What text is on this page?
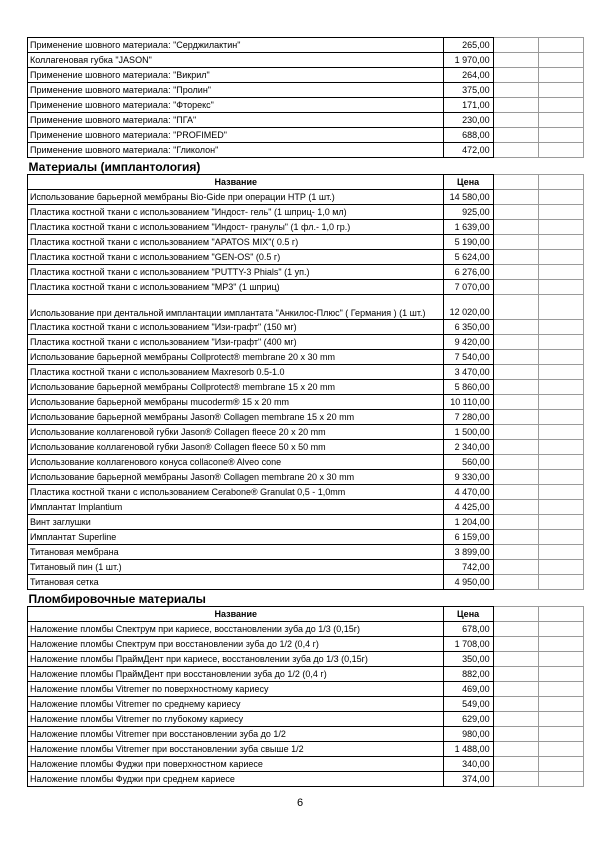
Применение шовного материала: "Серджилактин"	265,00		
Коллагеновая губка "JASON"	1 970,00		
Применение шовного материала: "Викрил"	264,00		
Применение шовного материала: "Пролин"	375,00		
Применение шовного материала: "Фторекс"	171,00		
Применение шовного материала: "ПГА"	230,00		
Применение шовного материала: "PROFIMED"	688,00		
Применение шовного материала: "Гликолон"	472,00		
Материалы (имплантология)			
Название	Цена		
Использование барьерной мембраны Bio-Gide при операции НТР (1 шт.)	14 580,00		
Пластика костной ткани с использованием "Индост- гель" (1 шприц- 1,0 мл)	925,00		
Пластика костной ткани с использованием "Индост- гранулы" (1 фл.- 1,0 гр.)	1 639,00		
Пластика костной ткани с использованием "APATOS MIX"( 0.5 г)	5 190,00		
Пластика костной ткани с использованием "GEN-OS" (0.5 г)	5 624,00		
Пластика костной ткани с использованием "PUTTY-3 Phials" (1 уп.)	6 276,00		
Пластика костной ткани с использованием "MP3" (1 шприц)	7 070,00		
Использование при дентальной имплантации имплантата "Анкилос-Плюс" ( Германия ) (1 шт.)	12 020,00		
Пластика костной ткани с использованием "Изи-графт" (150 мг)	6 350,00		
Пластика костной ткани с использованием "Изи-графт" (400 мг)	9 420,00		
Использование барьерной мембраны Collprotect® membrane 20 x 30 mm	7 540,00		
Пластика костной ткани с использованием Maxresorb 0.5-1.0	3 470,00		
Использование барьерной мембраны Collprotect® membrane 15 x 20 mm	5 860,00		
Использование барьерной мембраны mucoderm® 15 x 20 mm	10 110,00		
Использование барьерной мембраны Jason® Collagen membrane 15 x 20 mm	7 280,00		
Использование коллагеновой губки Jason® Collagen fleece 20 x 20 mm	1 500,00		
Использование коллагеновой губки Jason® Collagen fleece 50 x 50 mm	2 340,00		
Использование коллагенового конуса collacone® Alveo cone	560,00		
Использование барьерной мембраны Jason® Collagen membrane 20 x 30 mm	9 330,00		
Пластика костной ткани с использованием Cerabone® Granulat 0,5 - 1,0mm	4 470,00		
Имплантат Implantium	4 425,00		
Винт заглушки	1 204,00		
Имплантат Superline	6 159,00		
Титановая мембрана	3 899,00		
Титановый пин (1 шт.)	742,00		
Титановая сетка	4 950,00		
Пломбировочные материалы			
Название	Цена		
Наложение пломбы Спектрум при кариесе, восстановлении зуба до 1/3 (0,15г)	678,00		
Наложение пломбы Спектрум при восстановлении зуба до 1/2 (0,4 г)	1 708,00		
Наложение пломбы ПраймДент при кариесе, восстановлении зуба до 1/3 (0,15г)	350,00		
Наложение пломбы ПраймДент при восстановлении зуба до 1/2 (0,4 г)	882,00		
Наложение пломбы Vitremer по поверхностному кариесу	469,00		
Наложение пломбы Vitremer по среднему кариесу	549,00		
Наложение пломбы Vitremer по глубокому кариесу	629,00		
Наложение пломбы Vitremer при восстановлении зуба до 1/2	980,00		
Наложение пломбы Vitremer при восстановлении зуба свыше 1/2	1 488,00		
Наложение пломбы Фуджи при поверхностном кариесе	340,00		
Наложение пломбы Фуджи при среднем кариесе	374,00		
6
